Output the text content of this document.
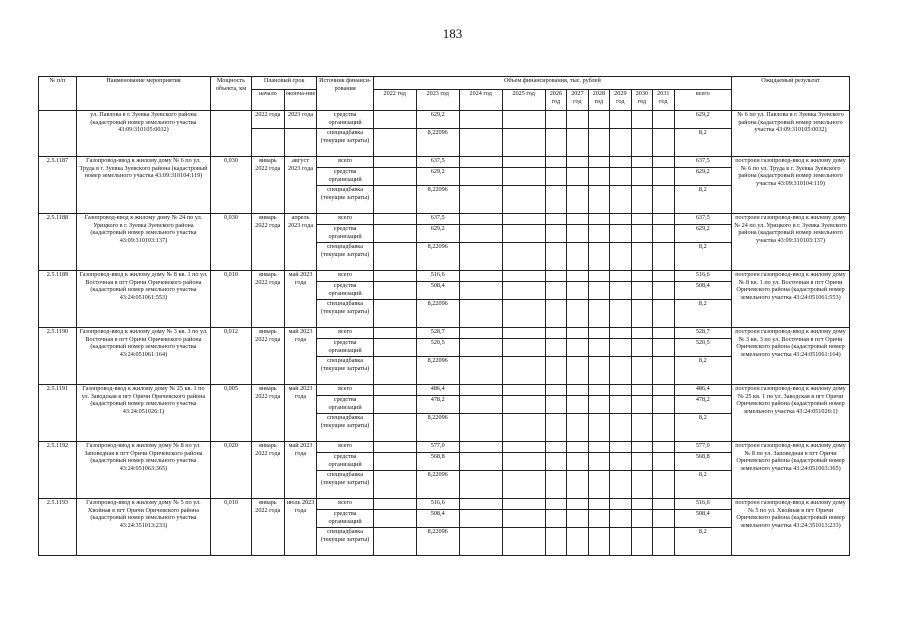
183
№ п/п	Наименование мероприятия	Мощность объекта, км	Плановый срок		Источник финанси-рования	Объем финансирования, тыс. рублей											Ожидаемый результат
			начало	оконча-ние		2022 год	2023 год	2024 год	2025 год	2026 год	2027 год	2028 год	2029 год	2030 год	2031 год	всего	
	ул. Павлова в г. Зуевка Зуевского района (кадастровый номер земельного участка 43:09:310105:0032)		2022 года	2023 года	средства организаций		629,2									629,2	№ 6 по ул. Павлова в г. Зуевка Зуевского района (кадастровый номер земельного участка 43:09:310105:0032)
					спецнадбавка (текущие затраты)		8,22096									8,2	
2.5.1187	Газопровод-ввод к жилому дому № 6 по ул. Труда в г. Зуевка Зуевского района (кадастровый номер земельного участка 43:09:310104:119)	0,030	январь 2022 года	август 2023 года	всего		637,5									637,5	построен газопровод-ввод к жилому дому № 6 по ул. Труда в г. Зуевка Зуевского района (кадастровый номер земельного участка 43:09:310104:119)
					средства организаций		629,2									629,2	
					спецнадбавка (текущие затраты)		8,22096									8,2	
2.5.1188	Газопровод-ввод к жилому дому № 24 по ул. Урицкого в г. Зуевка Зуевского района (кадастровый номер земельного участка 43:09:310103:137)	0,030	январь 2022 года	апрель 2023 года	всего		637,5									637,5	построен газопровод-ввод к жилому дому № 24 по ул. Урицкого в г. Зуевка Зуевского района (кадастровый номер земельного участка 43:09:310103:137)
					средства организаций		629,2									629,2	
					спецнадбавка (текущие затраты)		8,22096									8,2	
2.5.1189	Газопровод-ввод к жилому дому № 8 кв. 1 по ул. Восточная в пгт Оричи Оричевского района (кадастровый номер земельного участка 43:24:051061:553)	0,010	январь 2022 года	май 2023 года	всего		516,6									516,6	построен газопровод-ввод к жилому дому № 8 кв. 1 по ул. Восточная в пгт Оричи Оричевского района (кадастровый номер земельного участка 43:24:051061:553)
					средства организаций		508,4									508,4	
					спецнадбавка (текущие затраты)		8,22096									8,2	
2.5.1190	Газопровод-ввод к жилому дому № 3 кв. 3 по ул. Восточная в пгт Оричи Оричевского района (кадастровый номер земельного участка 43:24:051061:164)	0,012	январь 2022 года	май 2023 года	всего		528,7									528,7	построен газопровод-ввод к жилому дому № 3 кв. 3 по ул. Восточная в пгт Оричи Оричевского района (кадастровый номер земельного участка 43:24:051061:164)
					средства организаций		520,5									520,5	
					спецнадбавка (текущие затраты)		8,22096									8,2	
2.5.1191	Газопровод-ввод к жилому дому № 25 кв. 1 по ул. Заводская в пгт Оричи Оричевского района (кадастровый номер земельного участка 43:24:051026:1)	0,005	январь 2022 года	май 2023 года	всего		486,4									486,4	построен газопровод-ввод к жилому дому № 25 кв. 1 по ул. Заводская в пгт Оричи Оричевского района (кадастровый номер земельного участка 43:24:051026:1)
					средства организаций		478,2									478,2	
					спецнадбавка (текущие затраты)		8,22096									8,2	
2.5.1192	Газопровод-ввод к жилому дому № 8 по ул. Заповедная в пгт Оричи Оричевского района (кадастровый номер земельного участка 43:24:051063:365)	0,020	январь 2022 года	май 2023 года	всего		577,0									577,0	построен газопровод-ввод к жилому дому № 8 по ул. Заповедная в пгт Оричи Оричевского района (кадастровый номер земельного участка 43:24:051063:365)
					средства организаций		568,8									568,8	
					спецнадбавка (текущие затраты)		8,22096									8,2	
2.5.1193	Газопровод-ввод к жилому дому № 5 по ул. Хвойная в пгт Оричи Оричевского района (кадастровый номер земельного участка 43:24:351013:233)	0,010	январь 2022 года	июль 2023 года	всего		516,6									516,6	построен газопровод-ввод к жилому дому № 5 по ул. Хвойная в пгт Оричи Оричевского района (кадастровый номер земельного участка 43:24:351013:233)
					средства организаций		508,4									508,4	
					спецнадбавка (текущие затраты)		8,22096									8,2	
